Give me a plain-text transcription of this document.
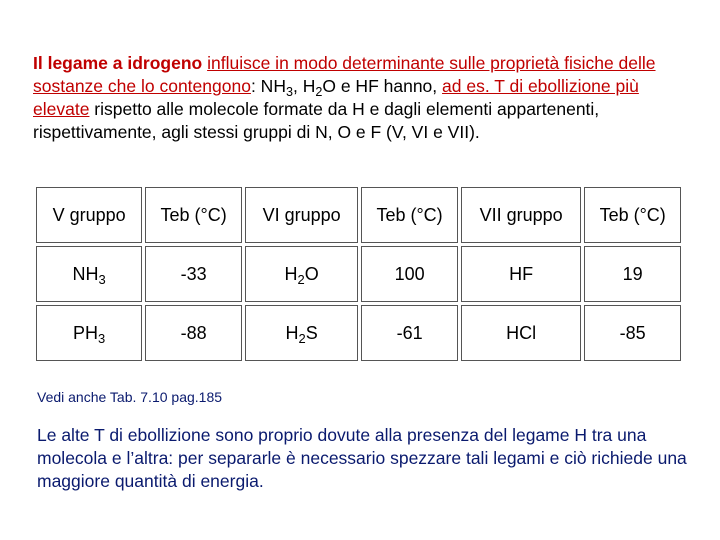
Il legame a idrogeno influisce in modo determinante sulle proprietà fisiche delle sostanze che lo contengono: $NH_3$, $H_2O$ e HF hanno, ad es. T di ebollizione più elevate rispetto alle molecole formate da H e dagli elementi appartenenti, rispettivamente, agli stessi gruppi di N, O e F (V, VI e VII).

V gruppo	Teb (°C)	VI gruppo	Teb (°C)	VII gruppo	Teb (°C)
$NH_3$	-33	$H_2O$	100	HF	19
$PH_3$	-88	$H_2S$	-61	HCl	-85

Vedi anche Tab. 7.10 pag.185

Le alte T di ebollizione sono proprio dovute alla presenza del legame H tra una molecola e l’altra: per separarle è necessario spezzare tali legami e ciò richiede una maggiore quantità di energia.
